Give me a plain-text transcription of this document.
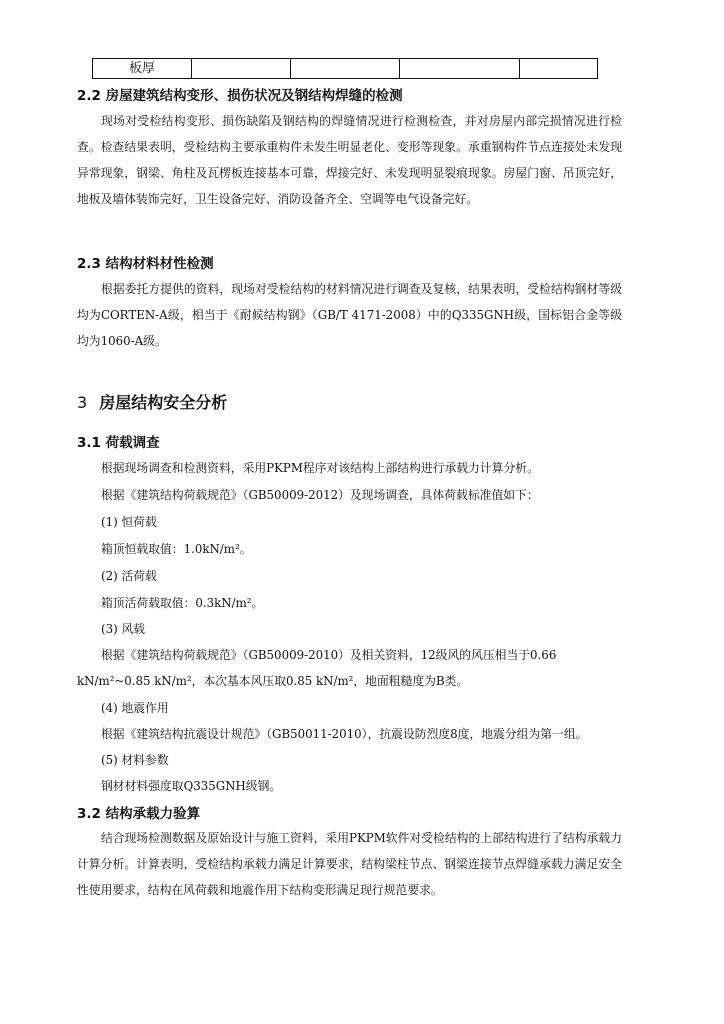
板厚				
2.2 房屋建筑结构变形、损伤状况及钢结构焊缝的检测

现场对受检结构变形、损伤缺陷及钢结构的焊缝情况进行检测检查，并对房屋内部完损情况进行检查。检查结果表明，受检结构主要承重构件未发生明显老化、变形等现象。承重钢构件节点连接处未发现异常现象，钢梁、角柱及瓦楞板连接基本可靠，焊接完好、未发现明显裂痕现象。房屋门窗、吊顶完好，地板及墙体装饰完好，卫生设备完好、消防设备齐全、空调等电气设备完好。

2.3 结构材料材性检测

根据委托方提供的资料，现场对受检结构的材料情况进行调查及复核，结果表明，受检结构钢材等级均为CORTEN-A级，相当于《耐候结构钢》（GB/T 4171-2008）中的Q335GNH级，国标铝合金等级均为1060-A级。

3 房屋结构安全分析
3.1 荷载调查
根据现场调查和检测资料，采用PKPM程序对该结构上部结构进行承载力计算分析。
根据《建筑结构荷载规范》（GB50009-2012）及现场调查，具体荷载标准值如下：
(1) 恒荷载
箱顶恒载取值：1.0kN/m²。
(2) 活荷载
箱顶活荷载取值：0.3kN/m²。
(3) 风载
根据《建筑结构荷载规范》（GB50009-2010）及相关资料，12级风的风压相当于0.66
kN/m²~0.85 kN/m²，本次基本风压取0.85 kN/m²，地面粗糙度为B类。
(4) 地震作用
根据《建筑结构抗震设计规范》（GB50011-2010），抗震设防烈度8度，地震分组为第一组。
(5) 材料参数
钢材材料强度取Q335GNH级钢。
3.2 结构承载力验算

结合现场检测数据及原始设计与施工资料，采用PKPM软件对受检结构的上部结构进行了结构承载力计算分析。计算表明，受检结构承载力满足计算要求，结构梁柱节点、钢梁连接节点焊缝承载力满足安全性使用要求，结构在风荷载和地震作用下结构变形满足现行规范要求。
